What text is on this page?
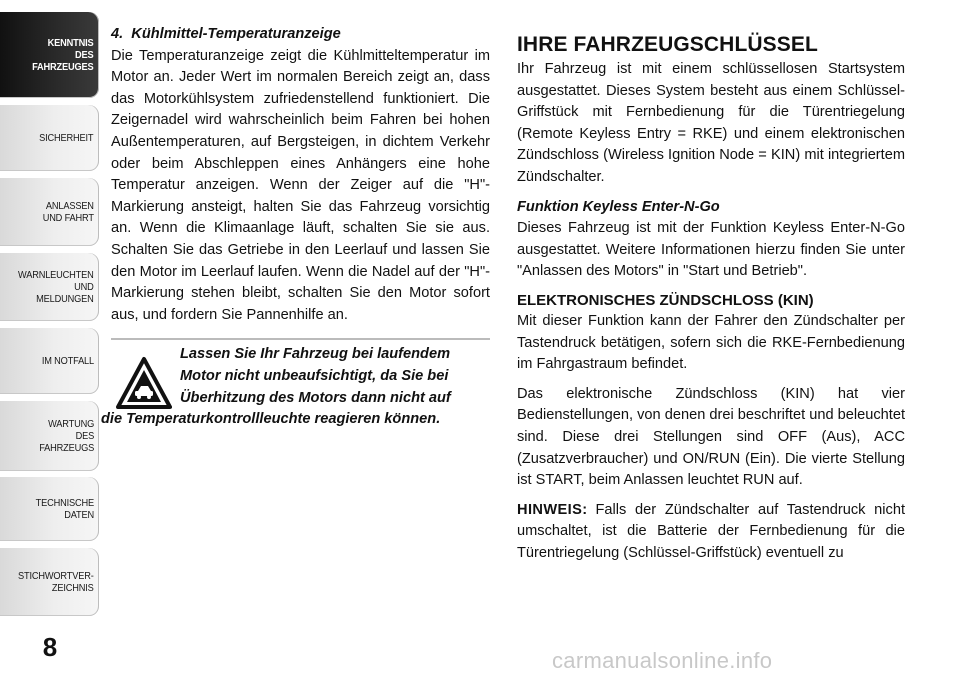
KENNTNIS
DES
FAHRZEUGES
SICHERHEIT
ANLASSEN
UND FAHRT
WARNLEUCHTEN
UND
MELDUNGEN
IM NOTFALL
WARTUNG
DES
FAHRZEUGS
TECHNISCHE
DATEN
STICHWORTVER-
ZEICHNIS
8

4.  Kühlmittel-Temperaturanzeige

Die Temperaturanzeige zeigt die Kühlmitteltemperatur im Motor an. Jeder Wert im normalen Bereich zeigt an, dass das Motorkühlsystem zufriedenstellend funktioniert. Die Zeigernadel wird wahrscheinlich beim Fahren bei hohen Außentemperaturen, auf Bergsteigen, in dichtem Verkehr oder beim Abschleppen eines Anhängers eine hohe Temperatur anzeigen. Wenn der Zeiger auf die "H"-Markierung ansteigt, halten Sie das Fahrzeug vorsichtig an. Wenn die Klimaanlage läuft, schalten Sie sie aus. Schalten Sie das Getriebe in den Leerlauf und lassen Sie den Motor im Leerlauf laufen. Wenn die Nadel auf der "H"-Markierung stehen bleibt, schalten Sie den Motor sofort aus, und fordern Sie Pannenhilfe an.

Lassen Sie Ihr Fahrzeug bei laufendem
Motor nicht unbeaufsichtigt, da Sie bei
Überhitzung des Motors dann nicht auf
die Temperaturkontrollleuchte reagieren können.
IHRE FAHRZEUGSCHLÜSSEL

Ihr Fahrzeug ist mit einem schlüssellosen Startsystem ausgestattet. Dieses System besteht aus einem Schlüssel-Griffstück mit Fernbedienung für die Türentriegelung (Remote Keyless Entry = RKE) und einem elektronischen Zündschloss (Wireless Ignition Node = KIN) mit integriertem Zündschalter.

Funktion Keyless Enter-N-Go

Dieses Fahrzeug ist mit der Funktion Keyless Enter-N-Go ausgestattet. Weitere Informationen hierzu finden Sie unter "Anlassen des Motors" in "Start und Betrieb".

ELEKTRONISCHES ZÜNDSCHLOSS (KIN)

Mit dieser Funktion kann der Fahrer den Zündschalter per Tastendruck betätigen, sofern sich die RKE-Fernbedienung im Fahrgastraum befindet.

Das elektronische Zündschloss (KIN) hat vier Bedienstellungen, von denen drei beschriftet und beleuchtet sind. Diese drei Stellungen sind OFF (Aus), ACC (Zusatzverbraucher) und ON/RUN (Ein). Die vierte Stellung ist START, beim Anlassen leuchtet RUN auf.

HINWEIS: Falls der Zündschalter auf Tastendruck nicht umschaltet, ist die Batterie der Fernbedienung für die Türentriegelung (Schlüssel-Griffstück) eventuell zu

carmanualsonline.info
